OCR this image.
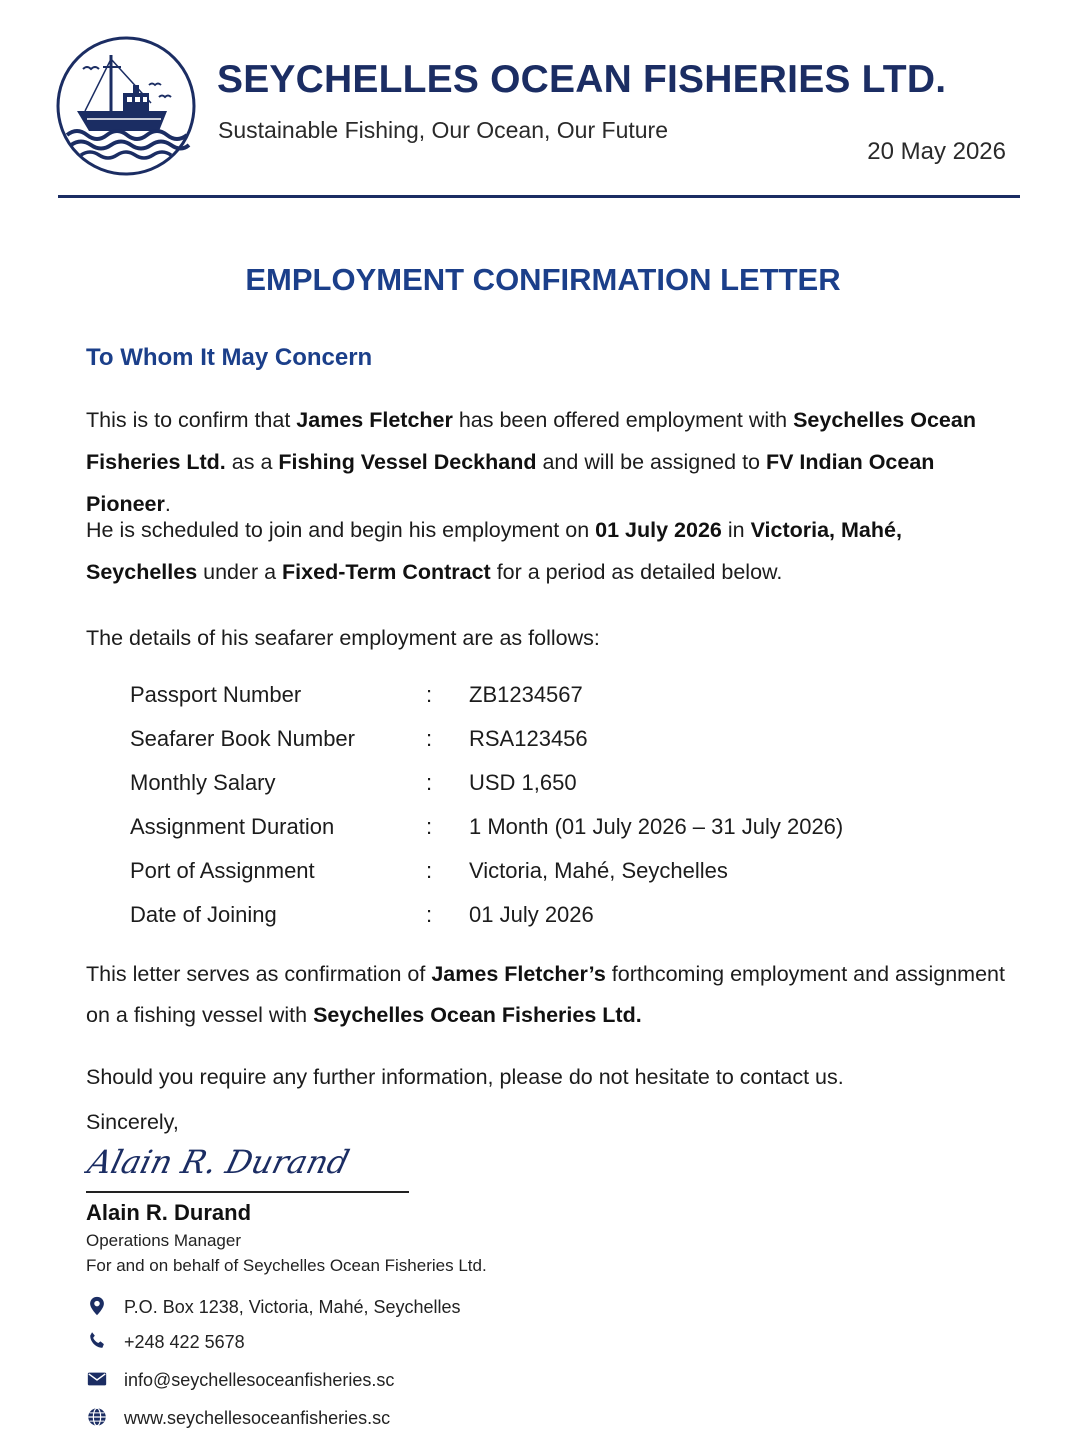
SEYCHELLES OCEAN FISHERIES LTD.
Sustainable Fishing, Our Ocean, Our Future
20 May 2026
EMPLOYMENT CONFIRMATION LETTER
To Whom It May Concern
This is to confirm that James Fletcher has been offered employment with Seychelles Ocean Fisheries Ltd. as a Fishing Vessel Deckhand and will be assigned to FV Indian Ocean Pioneer.
He is scheduled to join and begin his employment on 01 July 2026 in Victoria, Mahé, Seychelles under a Fixed-Term Contract for a period as detailed below.
The details of his seafarer employment are as follows:
Passport Number	: ZB1234567
Seafarer Book Number	: RSA123456
Monthly Salary	: USD 1,650
Assignment Duration	: 1 Month (01 July 2026 – 31 July 2026)
Port of Assignment	: Victoria, Mahé, Seychelles
Date of Joining	: 01 July 2026
This letter serves as confirmation of James Fletcher’s forthcoming employment and assignment on a fishing vessel with Seychelles Ocean Fisheries Ltd.
Should you require any further information, please do not hesitate to contact us.
Sincerely,
Alain R. Durand
Alain R. Durand
Operations Manager
For and on behalf of Seychelles Ocean Fisheries Ltd.
P.O. Box 1238, Victoria, Mahé, Seychelles
+248 422 5678
info@seychellesoceanfisheries.sc
www.seychellesoceanfisheries.sc
